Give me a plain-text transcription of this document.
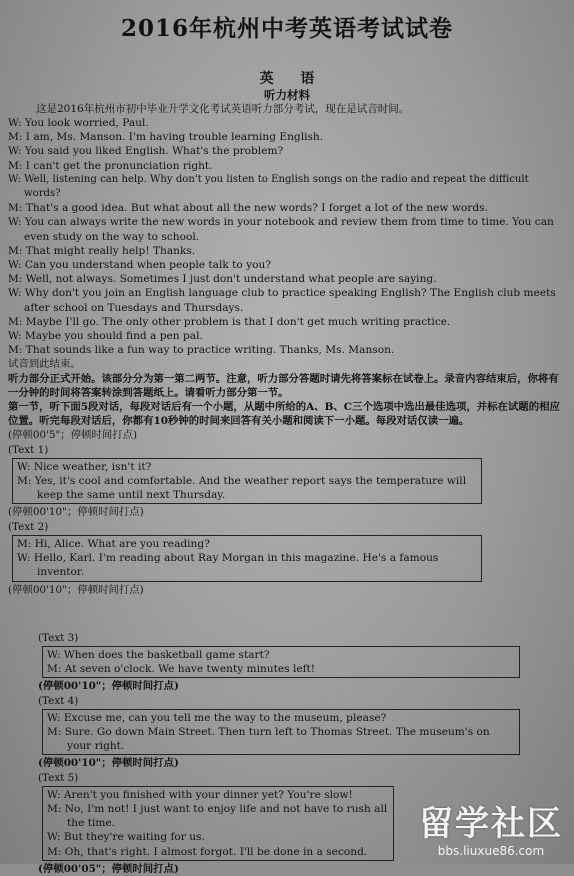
2016年杭州中考英语考试试卷

英 语

听力材料

这是2016年杭州市初中毕业升学文化考试英语听力部分考试，现在是试音时间。

W: You look worried, Paul.

M: I am, Ms. Manson. I'm having trouble learning English.

W: You said you liked English. What's the problem?

M: I can't get the pronunciation right.

W: Well, listening can help. Why don't you listen to English songs on the radio and repeat the difficult words?

M: That's a good idea. But what about all the new words? I forget a lot of the new words.

W: You can always write the new words in your notebook and review them from time to time. You can even study on the way to school.

M: That might really help! Thanks.

W: Can you understand when people talk to you?

M: Well, not always. Sometimes I just don't understand what people are saying.

W: Why don't you join an English language club to practice speaking English? The English club meets after school on Tuesdays and Thursdays.

M: Maybe I'll go. The only other problem is that I don't get much writing practice.

W: Maybe you should find a pen pal.

M: That sounds like a fun way to practice writing. Thanks, Ms. Manson.

试音到此结束。

听力部分正式开始。该部分分为第一第二两节。注意，听力部分答题时请先将答案标在试卷上。录音内容结束后，你将有一分钟的时间将答案转涂到答题纸上。请看听力部分第一节。

第一节，听下面5段对话，每段对话后有一个小题，从题中所给的A、B、C三个选项中选出最佳选项，并标在试题的相应位置。听完每段对话后，你都有10秒钟的时间来回答有关小题和阅读下一小题。每段对话仅读一遍。

(停顿00'5"；停顿时间打点)

(Text 1)

W: Nice weather, isn't it?

M: Yes, it's cool and comfortable. And the weather report says the temperature will keep the same until next Thursday.

(停顿00'10"；停顿时间打点)

(Text 2)

M: Hi, Alice. What are you reading?

W: Hello, Karl. I'm reading about Ray Morgan in this magazine. He's a famous inventor.

(停顿00'10"；停顿时间打点)

(Text 3)

W: When does the basketball game start?

M: At seven o'clock. We have twenty minutes left!

(停顿00'10"；停顿时间打点)

(Text 4)

W: Excuse me, can you tell me the way to the museum, please?

M: Sure. Go down Main Street. Then turn left to Thomas Street. The museum's on your right.

(停顿00'10"；停顿时间打点)

(Text 5)

W: Aren't you finished with your dinner yet? You're slow!

M: No, I'm not! I just want to enjoy life and not have to rush all the time.

W: But they're waiting for us.

M: Oh, that's right. I almost forgot. I'll be done in a second.

(停顿00'05"；停顿时间打点)

留学社区
bbs.liuxue86.com
